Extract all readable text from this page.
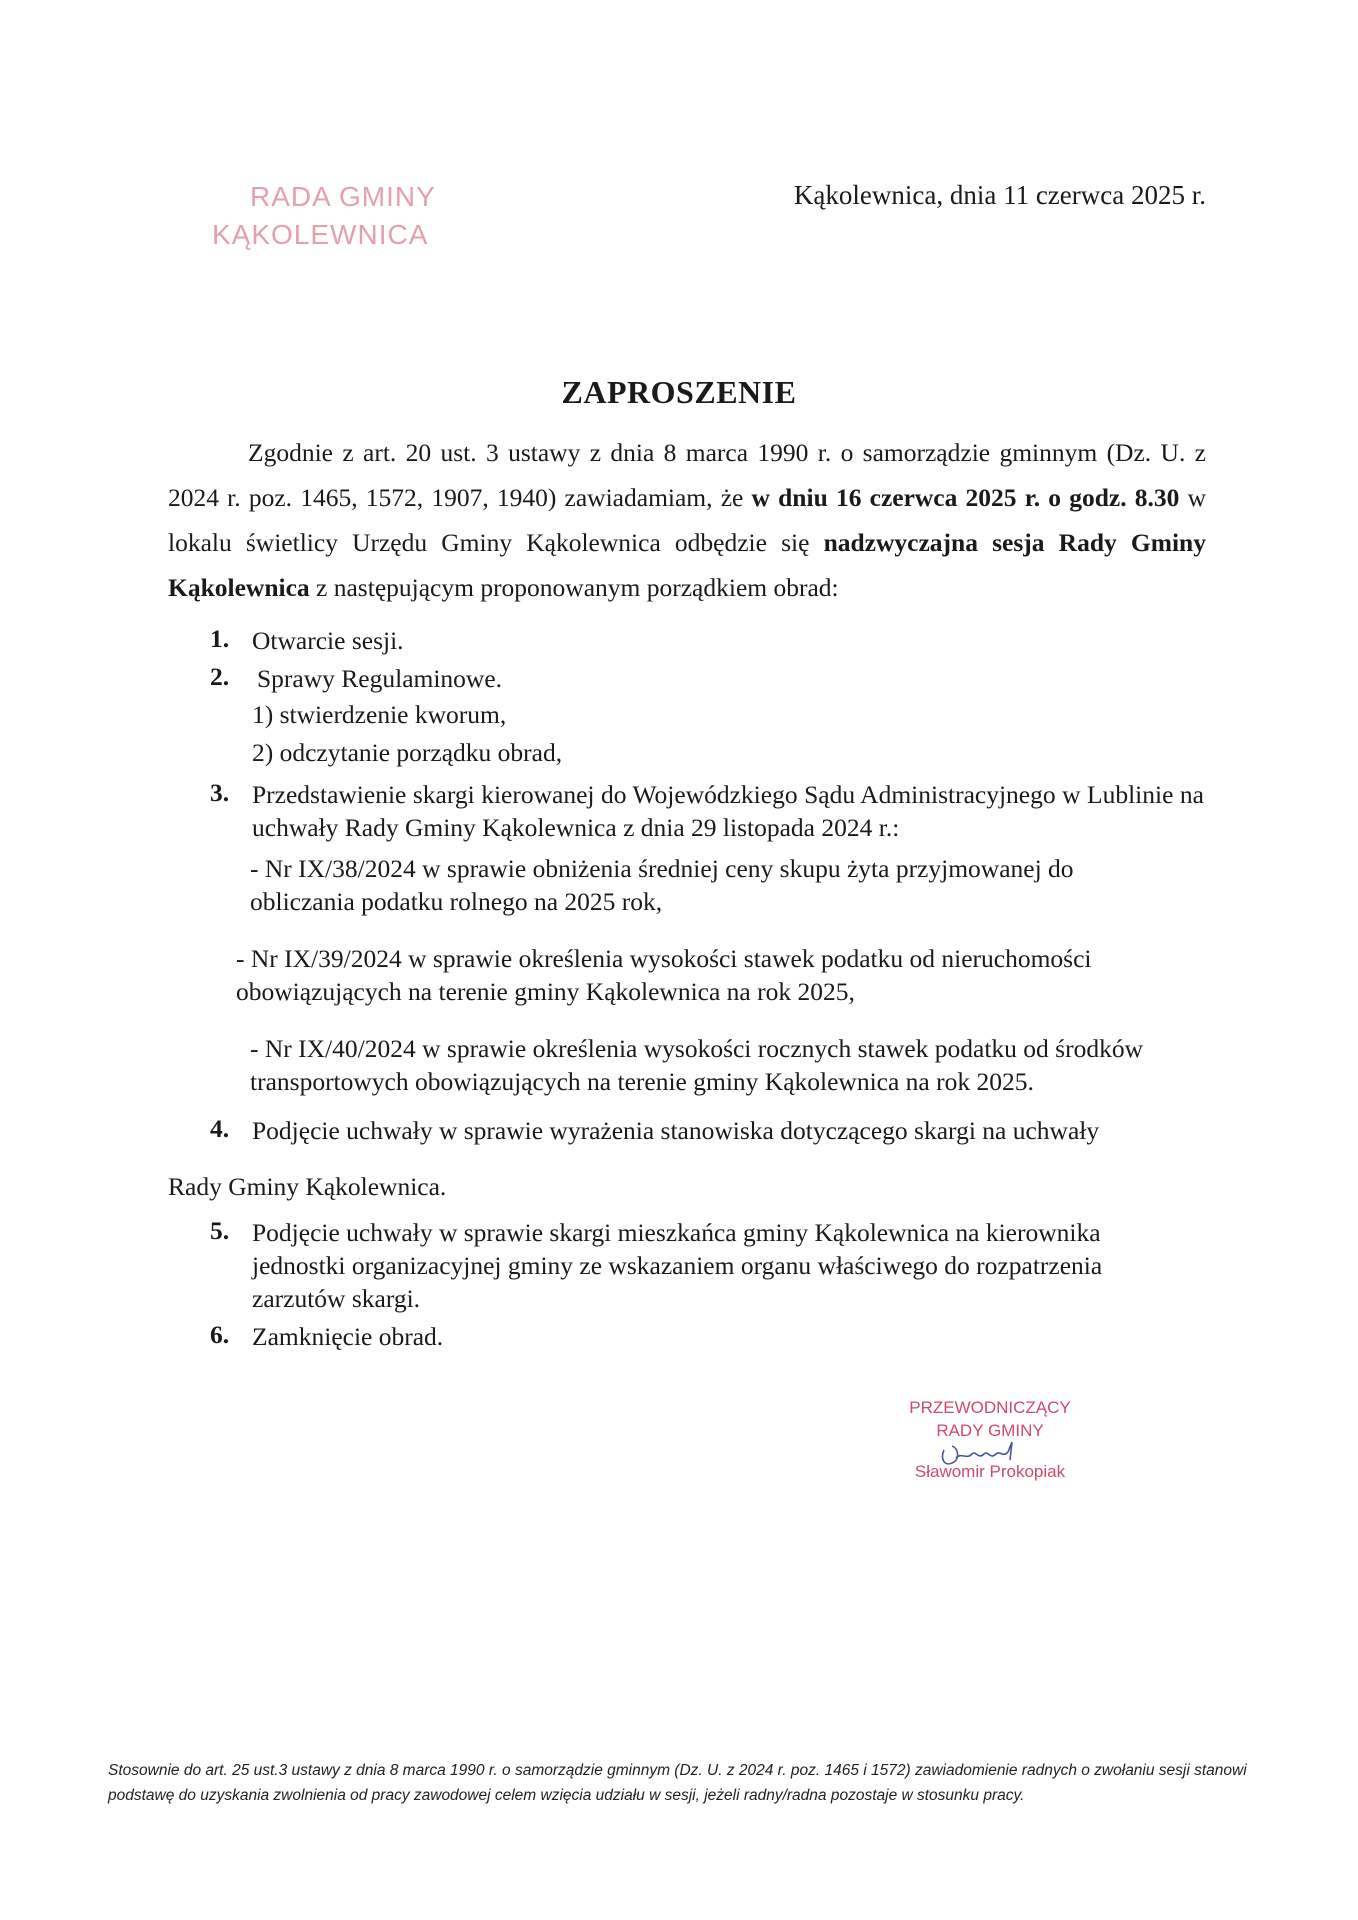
RADA GMINY
KĄKOLEWNICA
Kąkolewnica, dnia 11 czerwca 2025 r.
ZAPROSZENIE
Zgodnie z art. 20 ust. 3 ustawy z dnia 8 marca 1990 r. o samorządzie gminnym (Dz. U. z 2024 r. poz. 1465, 1572, 1907, 1940) zawiadamiam, że w dniu 16 czerwca 2025 r. o godz. 8.30 w lokalu świetlicy Urzędu Gminy Kąkolewnica odbędzie się nadzwyczajna sesja Rady Gminy Kąkolewnica z następującym proponowanym porządkiem obrad:
1. Otwarcie sesji.
2. Sprawy Regulaminowe.
1) stwierdzenie kworum,
2) odczytanie porządku obrad,
3. Przedstawienie skargi kierowanej do Wojewódzkiego Sądu Administracyjnego w Lublinie na uchwały Rady Gminy Kąkolewnica z dnia 29 listopada 2024 r.:
- Nr IX/38/2024 w sprawie obniżenia średniej ceny skupu żyta przyjmowanej do obliczania podatku rolnego na 2025 rok,
- Nr IX/39/2024 w sprawie określenia wysokości stawek podatku od nieruchomości obowiązujących na terenie gminy Kąkolewnica na rok 2025,
- Nr IX/40/2024 w sprawie określenia wysokości rocznych stawek podatku od środków transportowych obowiązujących na terenie gminy Kąkolewnica na rok 2025.
4. Podjęcie uchwały w sprawie wyrażenia stanowiska dotyczącego skargi na uchwały
Rady Gminy Kąkolewnica.
5. Podjęcie uchwały w sprawie skargi mieszkańca gminy Kąkolewnica na kierownika jednostki organizacyjnej gminy ze wskazaniem organu właściwego do rozpatrzenia zarzutów skargi.
6. Zamknięcie obrad.
PRZEWODNICZĄCY
RADY GMINY
Sławomir Prokopiak
Stosownie do art. 25 ust.3 ustawy z dnia 8 marca 1990 r. o samorządzie gminnym (Dz. U. z 2024 r. poz. 1465 i 1572) zawiadomienie radnych o zwołaniu sesji stanowi podstawę do uzyskania zwolnienia od pracy zawodowej celem wzięcia udziału w sesji, jeżeli radny/radna pozostaje w stosunku pracy.
